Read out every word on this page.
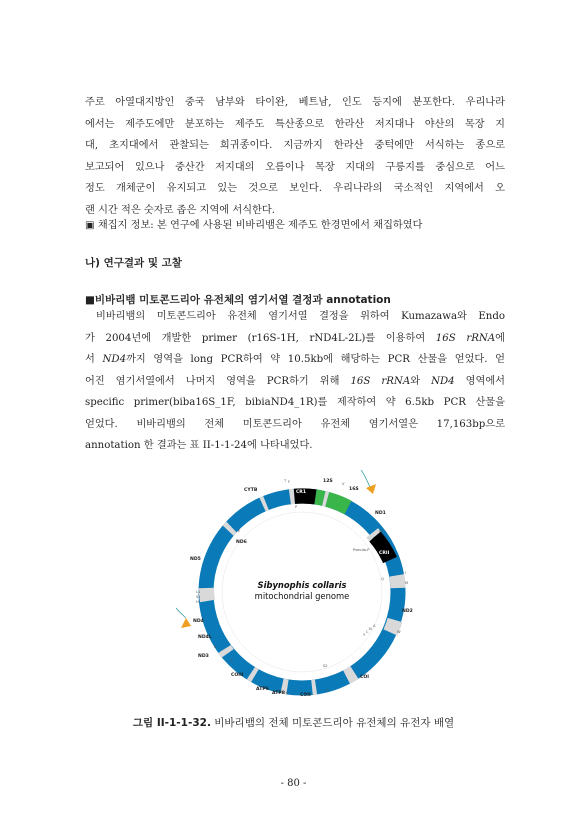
주로 아열대지방인 중국 남부와 타이완, 베트남, 인도 등지에 분포한다. 우리나라
에서는 제주도에만 분포하는 제주도 특산종으로 한라산 저지대나 야산의 목장 지
대, 초지대에서 관찰되는 희귀종이다. 지금까지 한라산 중턱에만 서식하는 종으로
보고되어 있으나 중산간 저지대의 오름이나 목장 지대의 구릉지를 중심으로 어느
정도 개체군이 유지되고 있는 것으로 보인다. 우리나라의 국소적인 지역에서 오
랜 시간 적은 숫자로 좁은 지역에 서식한다.
▣ 채집지 정보: 본 연구에 사용된 비바리뱀은 제주도 한경면에서 채집하였다
나) 연구결과 및 고찰
■비바리뱀 미토콘드리아 유전체의 염기서열 결정과 annotation
비바리뱀의 미토콘드리아 유전체 염기서열 결정을 위하여 Kumazawa와 Endo
가 2004년에 개발한 primer (r16S-1H, rND4L-2L)를 이용하여 16S rRNA에
서 ND4까지 영역을 long PCR하여 약 10.5kb에 해당하는 PCR 산물을 얻었다. 얻
어진 염기서열에서 나머지 영역을 PCR하기 위해 16S rRNA와 ND4 영역에서
specific primer(biba16S_1F, bibiaND4_1R)를 제작하여 약 6.5kb PCR 산물을
얻었다. 비바리뱀의 전체 미토콘드리아 유전체 염기서열은 17,163bp으로
annotation 한 결과는 표 II-1-1-24에 나타내었다.
Sibynophis collaris
mitochondrial genome
CYTB	CR1
12S
16S
ND1
CRII
ND2
COI
COII
ATP6
ATP8
COIII
ND3
ND4L
ND4
ND5
ND6
F	V
L2
Pseudo-P
I
Q
M
W
A
N
C
Y
S2
D
K
G
R
H
S1
L1
E
P
T
그림 II-1-1-32. 비바리뱀의 전체 미토콘드리아 유전체의 유전자 배열
- 80 -
